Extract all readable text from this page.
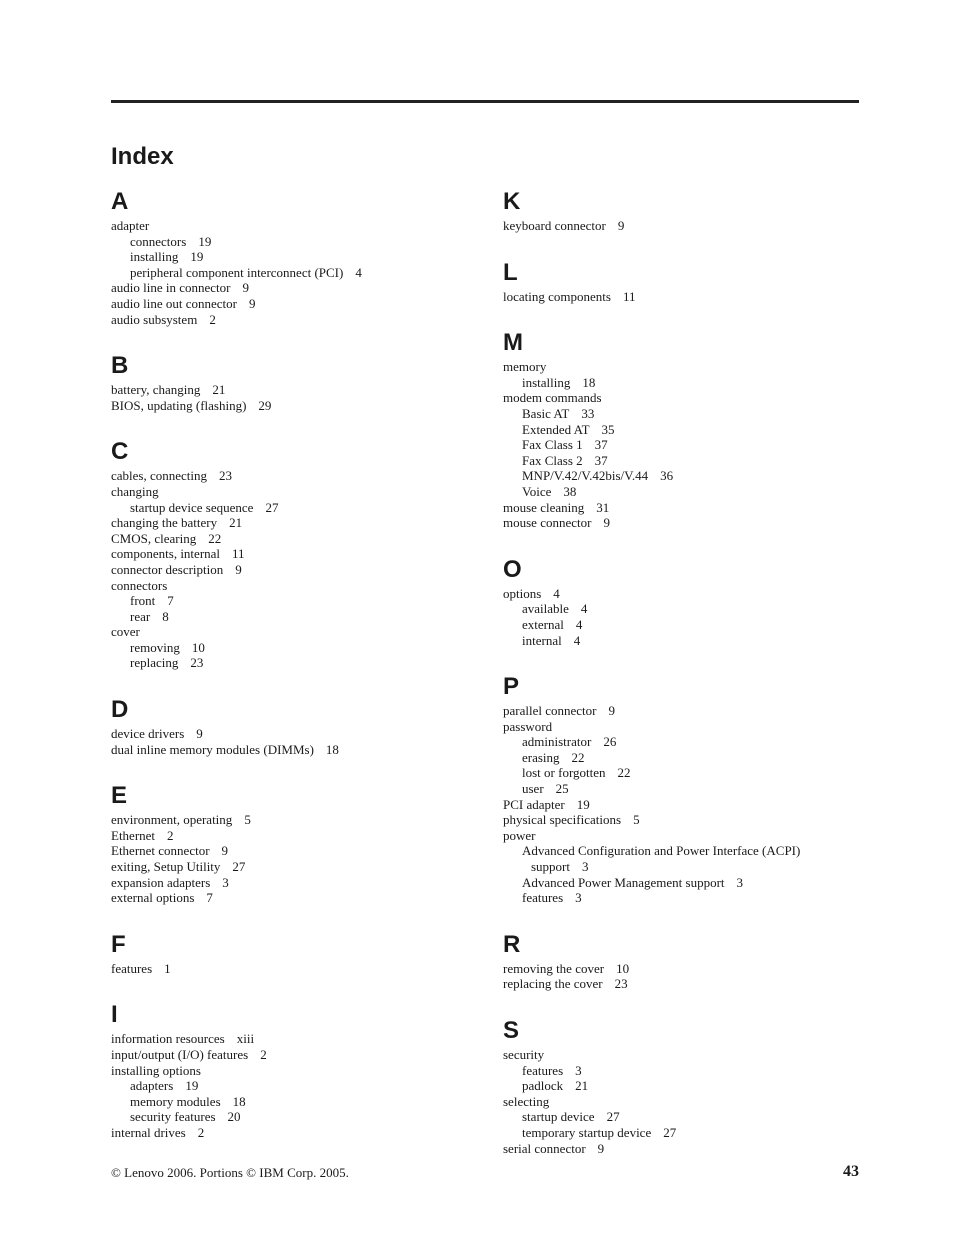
Index
A
adapter
connectors 19
installing 19
peripheral component interconnect (PCI) 4
audio line in connector 9
audio line out connector 9
audio subsystem 2
B
battery, changing 21
BIOS, updating (flashing) 29
C
cables, connecting 23
changing
startup device sequence 27
changing the battery 21
CMOS, clearing 22
components, internal 11
connector description 9
connectors
front 7
rear 8
cover
removing 10
replacing 23
D
device drivers 9
dual inline memory modules (DIMMs) 18
E
environment, operating 5
Ethernet 2
Ethernet connector 9
exiting, Setup Utility 27
expansion adapters 3
external options 7
F
features 1
I
information resources xiii
input/output (I/O) features 2
installing options
adapters 19
memory modules 18
security features 20
internal drives 2
K
keyboard connector 9
L
locating components 11
M
memory
installing 18
modem commands
Basic AT 33
Extended AT 35
Fax Class 1 37
Fax Class 2 37
MNP/V.42/V.42bis/V.44 36
Voice 38
mouse cleaning 31
mouse connector 9
O
options 4
available 4
external 4
internal 4
P
parallel connector 9
password
administrator 26
erasing 22
lost or forgotten 22
user 25
PCI adapter 19
physical specifications 5
power
Advanced Configuration and Power Interface (ACPI)
support 3
Advanced Power Management support 3
features 3
R
removing the cover 10
replacing the cover 23
S
security
features 3
padlock 21
selecting
startup device 27
temporary startup device 27
serial connector 9
© Lenovo 2006. Portions © IBM Corp. 2005.	43
